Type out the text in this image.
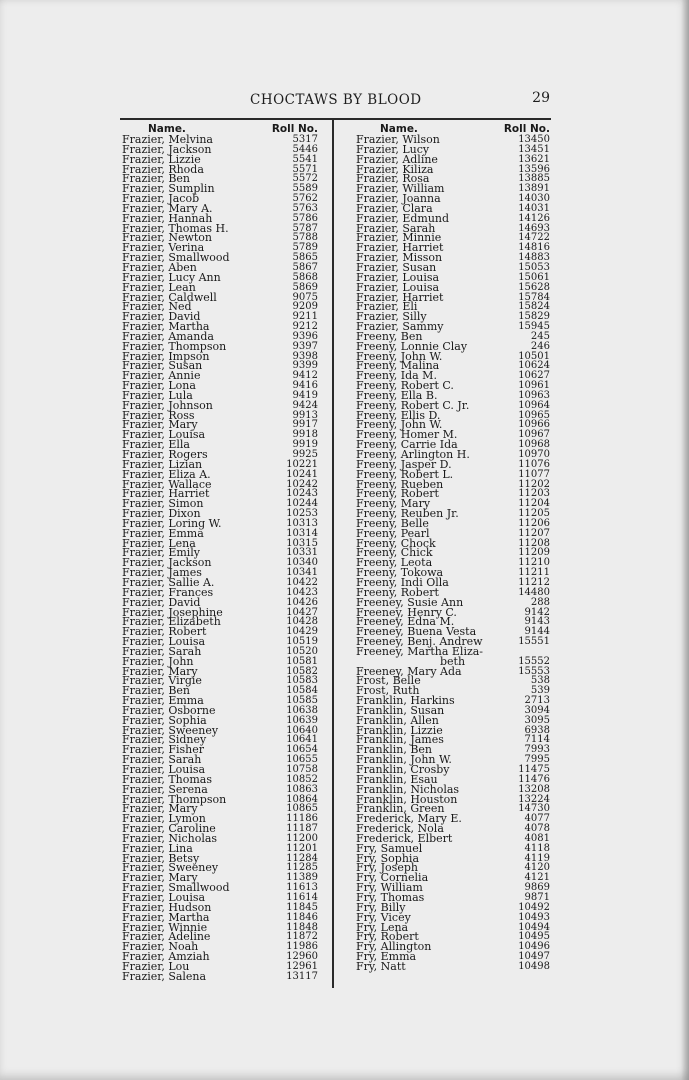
CHOCTAWS BY BLOOD	29
Name.	Roll No.
Frazier, Melvina	5317
Frazier, Jackson	5446
Frazier, Lizzie	5541
Frazier, Rhoda	5571
Frazier, Ben	5572
Frazier, Sumplin	5589
Frazier, Jacob	5762
Frazier, Mary A.	5763
Frazier, Hannah	5786
Frazier, Thomas H.	5787
Frazier, Newton	5788
Frazier, Verina	5789
Frazier, Smallwood	5865
Frazier, Aben	5867
Frazier, Lucy Ann	5868
Frazier, Lean	5869
Frazier, Caldwell	9075
Frazier, Ned	9209
Frazier, David	9211
Frazier, Martha	9212
Frazier, Amanda	9396
Frazier, Thompson	9397
Frazier, Impson	9398
Frazier, Susan	9399
Frazier, Annie	9412
Frazier, Lona	9416
Frazier, Lula	9419
Frazier, Johnson	9424
Frazier, Ross	9913
Frazier, Mary	9917
Frazier, Louisa	9918
Frazier, Ella	9919
Frazier, Rogers	9925
Frazier, Lizian	10221
Frazier, Eliza A.	10241
Frazier, Wallace	10242
Frazier, Harriet	10243
Frazier, Simon	10244
Frazier, Dixon	10253
Frazier, Loring W.	10313
Frazier, Emma	10314
Frazier, Lena	10315
Frazier, Emily	10331
Frazier, Jackson	10340
Frazier, James	10341
Frazier, Sallie A.	10422
Frazier, Frances	10423
Frazier, David	10426
Frazier, Josephine	10427
Frazier, Elizabeth	10428
Frazier, Robert	10429
Frazier, Louisa	10519
Frazier, Sarah	10520
Frazier, John	10581
Frazier, Mary	10582
Frazier, Virgie	10583
Frazier, Ben	10584
Frazier, Emma	10585
Frazier, Osborne	10638
Frazier, Sophia	10639
Frazier, Sweeney	10640
Frazier, Sidney	10641
Frazier, Fisher	10654
Frazier, Sarah	10655
Frazier, Louisa	10758
Frazier, Thomas	10852
Frazier, Serena	10863
Frazier, Thompson	10864
Frazier, Mary	10865
Frazier, Lymon	11186
Frazier, Caroline	11187
Frazier, Nicholas	11200
Frazier, Lina	11201
Frazier, Betsy	11284
Frazier, Sweeney	11285
Frazier, Mary	11389
Frazier, Smallwood	11613
Frazier, Louisa	11614
Frazier, Hudson	11845
Frazier, Martha	11846
Frazier, Winnie	11848
Frazier, Adeline	11872
Frazier, Noah	11986
Frazier, Amziah	12960
Frazier, Lou	12961
Frazier, Salena	13117
Name.	Roll No.
Frazier, Wilson	13450
Frazier, Lucy	13451
Frazier, Adline	13621
Frazier, Kiliza	13596
Frazier, Rosa	13885
Frazier, William	13891
Frazier, Joanna	14030
Frazier, Clara	14031
Frazier, Edmund	14126
Frazier, Sarah	14693
Frazier, Minnie	14722
Frazier, Harriet	14816
Frazier, Misson	14883
Frazier, Susan	15053
Frazier, Louisa	15061
Frazier, Louisa	15628
Frazier, Harriet	15784
Frazier, Eli	15824
Frazier, Silly	15829
Frazier, Sammy	15945
Freeny, Ben	245
Freeny, Lonnie Clay	246
Freeny, John W.	10501
Freeny, Malina	10624
Freeny, Ida M.	10627
Freeny, Robert C.	10961
Freeny, Ella B.	10963
Freeny, Robert C. Jr.	10964
Freeny, Ellis D.	10965
Freeny, John W.	10966
Freeny, Homer M.	10967
Freeny, Carrie Ida	10968
Freeny, Arlington H.	10970
Freeny, Jasper D.	11076
Freeny, Robert L.	11077
Freeny, Rueben	11202
Freeny, Robert	11203
Freeny, Mary	11204
Freeny, Reuben Jr.	11205
Freeny, Belle	11206
Freeny, Pearl	11207
Freeny, Chock	11208
Freeny, Chick	11209
Freeny, Leota	11210
Freeny, Tokowa	11211
Freeny, Indi Olla	11212
Freeny, Robert	14480
Freeney, Susie Ann	288
Freeney, Henry C.	9142
Freeney, Edna M.	9143
Freeney, Buena Vesta	9144
Freeney, Benj. Andrew	15551
Freeney, Martha Eliza-
beth	15552
Freeney, Mary Ada	15553
Frost, Belle	538
Frost, Ruth	539
Franklin, Harkins	2713
Franklin, Susan	3094
Franklin, Allen	3095
Franklin, Lizzie	6938
Franklin, James	7114
Franklin, Ben	7993
Franklin, John W.	7995
Franklin, Crosby	11475
Franklin, Esau	11476
Franklin, Nicholas	13208
Franklin, Houston	13224
Franklin, Green	14730
Frederick, Mary E.	4077
Frederick, Nola	4078
Frederick, Elbert	4081
Fry, Samuel	4118
Fry, Sophia	4119
Fry, Joseph	4120
Fry, Cornelia	4121
Fry, William	9869
Fry, Thomas	9871
Fry, Billy	10492
Fry, Vicey	10493
Fry, Lena	10494
Fry, Robert	10495
Fry, Allington	10496
Fry, Emma	10497
Fry, Natt	10498
